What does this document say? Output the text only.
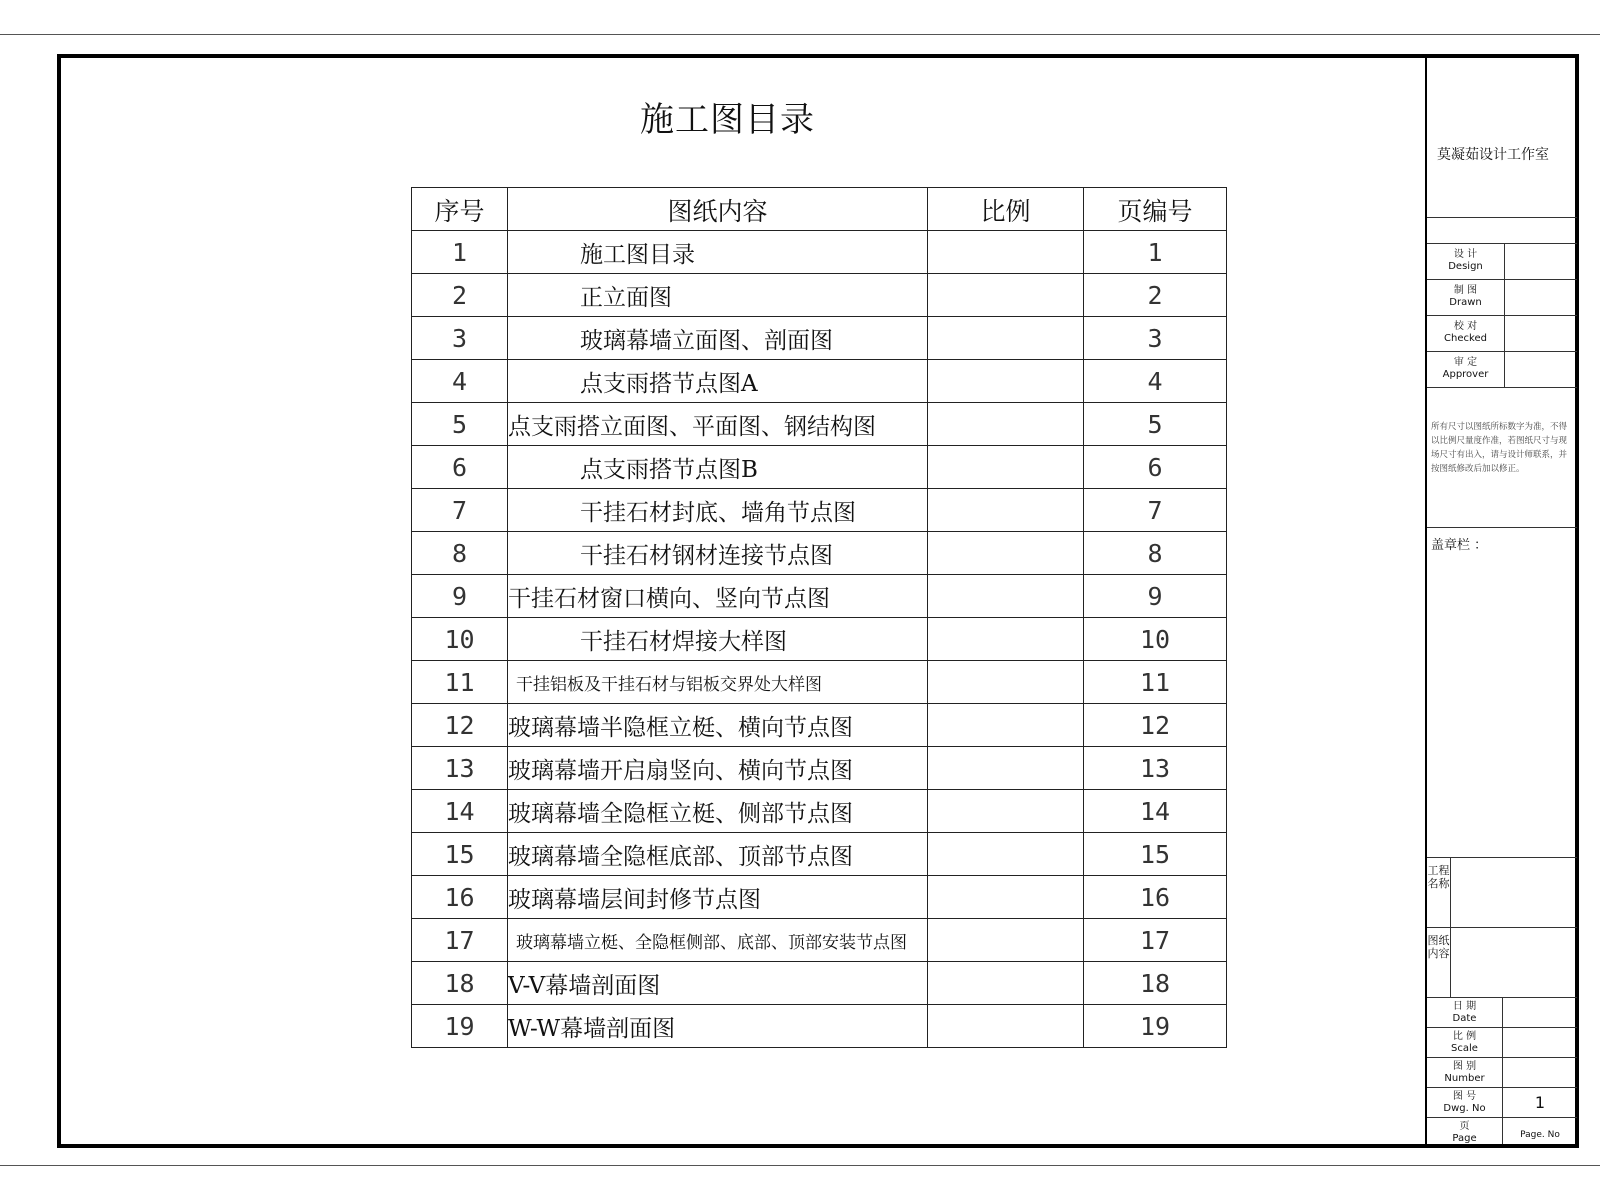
施工图目录
序号	图纸内容	比例	页编号
1	施工图目录		1
2	正立面图		2
3	玻璃幕墙立面图、剖面图		3
4	点支雨搭节点图A		4
5	点支雨搭立面图、平面图、钢结构图		5
6	点支雨搭节点图B		6
7	干挂石材封底、墙角节点图		7
8	干挂石材钢材连接节点图		8
9	干挂石材窗口横向、竖向节点图		9
10	干挂石材焊接大样图		10
11	干挂铝板及干挂石材与铝板交界处大样图		11
12	玻璃幕墙半隐框立梃、横向节点图		12
13	玻璃幕墙开启扇竖向、横向节点图		13
14	玻璃幕墙全隐框立梃、侧部节点图		14
15	玻璃幕墙全隐框底部、顶部节点图		15
16	玻璃幕墙层间封修节点图		16
17	玻璃幕墙立梃、全隐框侧部、底部、顶部安装节点图		17
18	V-V幕墙剖面图		18
19	W-W幕墙剖面图		19
莫凝茹设计工作室
设 计
Design
制 图
Drawn
校 对
Checked
审 定
Approver
所有尺寸以图纸所标数字为准，不得以比例尺量度作准，若图纸尺寸与现场尺寸有出入，请与设计师联系，并按图纸修改后加以修正。
盖章栏 ：
工程名称
图纸内容
日 期
Date
比 例
Scale
图 别
Number
图 号
Dwg. No	1
页
Page	Page. No
